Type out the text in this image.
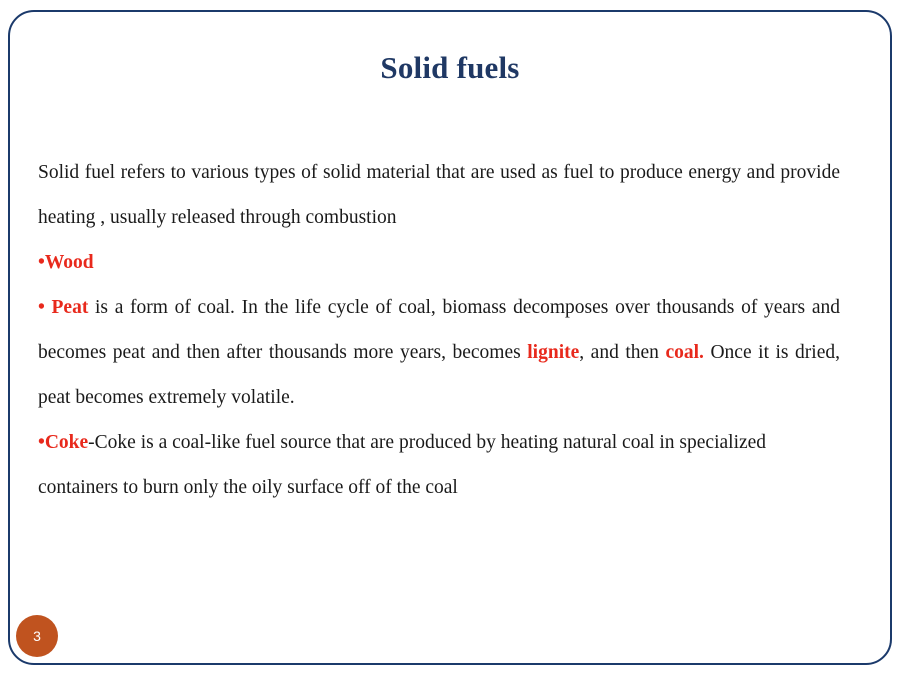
Solid fuels

Solid fuel refers to various types of solid material that are used as fuel to produce energy and provide heating , usually released through combustion

•Wood

• Peat is a form of coal. In the life cycle of coal, biomass decomposes over thousands of years and becomes peat and then after thousands more years, becomes lignite, and then coal. Once it is dried, peat becomes extremely volatile.

•Coke-Coke is a coal-like fuel source that are produced by heating natural coal in specialized containers to burn only the oily surface off of the coal

3
